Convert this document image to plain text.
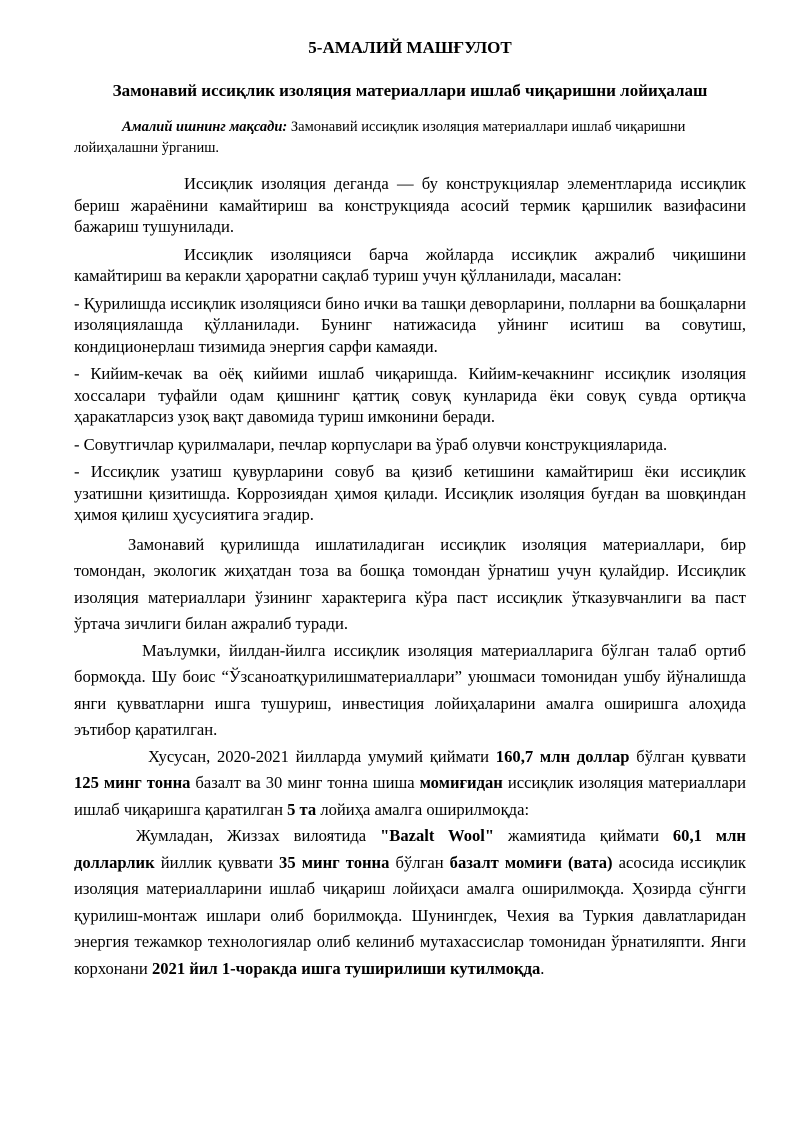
5-АМАЛИЙ МАШҒУЛОТ
Замонавий иссиқлик изоляция материаллари ишлаб чиқаришни лойиҳалаш
Амалий ишнинг мақсади: Замонавий иссиқлик изоляция материаллари ишлаб чиқаришни лойиҳалашни ўрганиш.

Иссиқлик изоляция деганда — бу конструкциялар элементларида иссиқлик бериш жараёнини камайтириш ва конструкцияда асосий термик қаршилик вазифасини бажариш тушунилади.

Иссиқлик изоляцияси барча жойларда иссиқлик ажралиб чиқишини камайтириш ва керакли ҳароратни сақлаб туриш учун қўлланилади, масалан:

- Қурилишда иссиқлик изоляцияси бино ички ва ташқи деворларини, полларни ва бошқаларни изоляциялашда қўлланилади. Бунинг натижасида уйнинг иситиш ва совутиш, кондиционерлаш тизимида энергия сарфи камаяди.

- Кийим-кечак ва оёқ кийими ишлаб чиқаришда. Кийим-кечакнинг иссиқлик изоляция хоссалари туфайли одам қишнинг қаттиқ совуқ кунларида ёки совуқ сувда ортиқча ҳаракатларсиз узоқ вақт давомида туриш имконини беради.

- Совутгичлар қурилмалари, печлар корпуслари ва ўраб олувчи конструкцияларида.

- Иссиқлик узатиш қувурларини совуб ва қизиб кетишини камайтириш ёки иссиқлик узатишни қизитишда. Коррозиядан ҳимоя қилади. Иссиқлик изоляция буғдан ва шовқиндан ҳимоя қилиш ҳусусиятига эгадир.

Замонавий қурилишда ишлатиладиган иссиқлик изоляция материаллари, бир томондан, экологик жиҳатдан тоза ва бошқа томондан ўрнатиш учун қулайдир. Иссиқлик изоляция материаллари ўзининг характерига кўра паст иссиқлик ўтказувчанлиги ва паст ўртача зичлиги билан ажралиб туради.

Маълумки, йилдан-йилга иссиқлик изоляция материалларига бўлган талаб ортиб бормоқда. Шу боис “Ўзсаноатқурилишматериаллари” уюшмаси томонидан ушбу йўналишда янги қувватларни ишга тушуриш, инвестиция лойиҳаларини амалга оширишга алоҳида эътибор қаратилган.

Хусусан, 2020-2021 йилларда умумий қиймати 160,7 млн доллар бўлган қуввати 125 минг тонна базалт ва 30 минг тонна шиша момиғидан иссиқлик изоляция материаллари ишлаб чиқаришга қаратилган 5 та лойиҳа амалга оширилмоқда:

Жумладан, Жиззах вилоятида "Bazalt Wool" жамиятида қиймати 60,1 млн долларлик йиллик қуввати 35 минг тонна бўлган базалт момиғи (вата) асосида иссиқлик изоляция материалларини ишлаб чиқариш лойиҳаси амалга оширилмоқда. Ҳозирда сўнгги қурилиш-монтаж ишлари олиб борилмоқда. Шунингдек, Чехия ва Туркия давлатларидан энергия тежамкор технологиялар олиб келиниб мутахассислар томонидан ўрнатиляпти. Янги корхонани 2021 йил 1-чоракда ишга туширилиши кутилмоқда.
